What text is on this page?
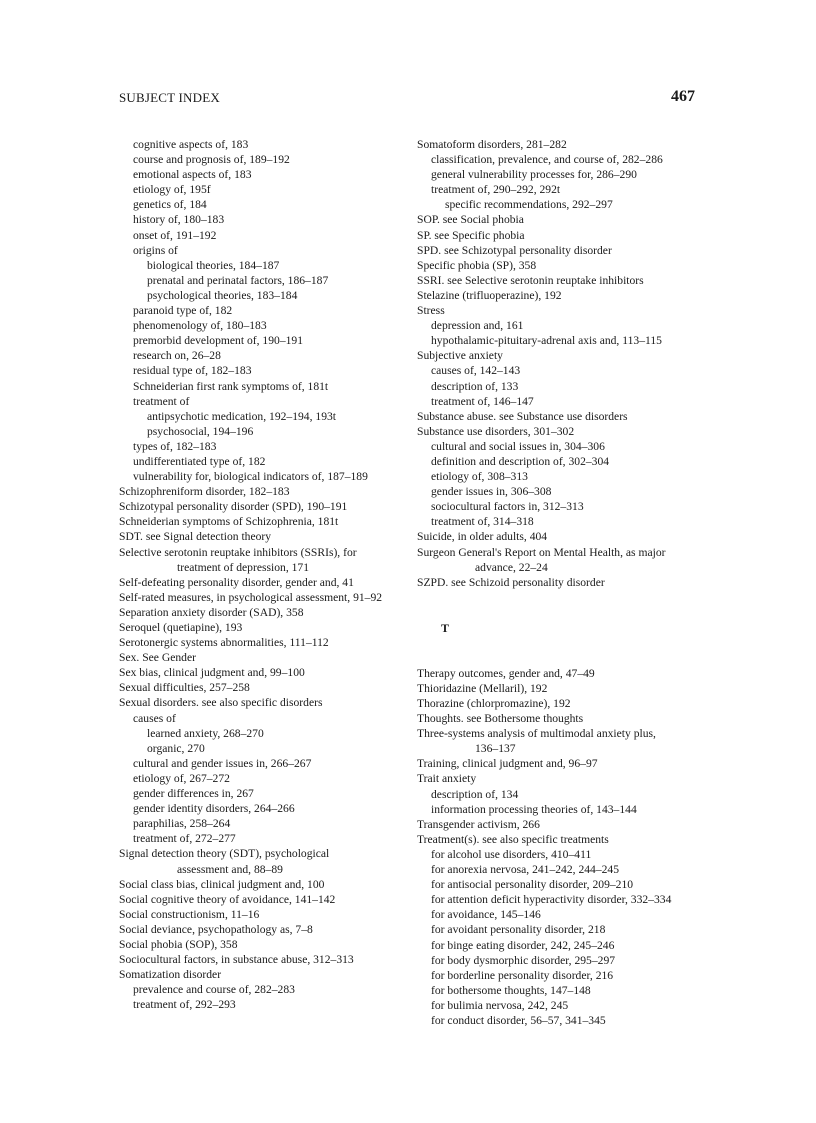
SUBJECT INDEX	467
cognitive aspects of, 183
course and prognosis of, 189–192
emotional aspects of, 183
etiology of, 195f
genetics of, 184
history of, 180–183
onset of, 191–192
origins of
biological theories, 184–187
prenatal and perinatal factors, 186–187
psychological theories, 183–184
paranoid type of, 182
phenomenology of, 180–183
premorbid development of, 190–191
research on, 26–28
residual type of, 182–183
Schneiderian first rank symptoms of, 181t
treatment of
antipsychotic medication, 192–194, 193t
psychosocial, 194–196
types of, 182–183
undifferentiated type of, 182
vulnerability for, biological indicators of, 187–189
Schizophreniform disorder, 182–183
Schizotypal personality disorder (SPD), 190–191
Schneiderian symptoms of Schizophrenia, 181t
SDT. see Signal detection theory
Selective serotonin reuptake inhibitors (SSRIs), for
treatment of depression, 171
Self-defeating personality disorder, gender and, 41
Self-rated measures, in psychological assessment, 91–92
Separation anxiety disorder (SAD), 358
Seroquel (quetiapine), 193
Serotonergic systems abnormalities, 111–112
Sex. See Gender
Sex bias, clinical judgment and, 99–100
Sexual difficulties, 257–258
Sexual disorders. see also specific disorders
causes of
learned anxiety, 268–270
organic, 270
cultural and gender issues in, 266–267
etiology of, 267–272
gender differences in, 267
gender identity disorders, 264–266
paraphilias, 258–264
treatment of, 272–277
Signal detection theory (SDT), psychological
assessment and, 88–89
Social class bias, clinical judgment and, 100
Social cognitive theory of avoidance, 141–142
Social constructionism, 11–16
Social deviance, psychopathology as, 7–8
Social phobia (SOP), 358
Sociocultural factors, in substance abuse, 312–313
Somatization disorder
prevalence and course of, 282–283
treatment of, 292–293
Somatoform disorders, 281–282
classification, prevalence, and course of, 282–286
general vulnerability processes for, 286–290
treatment of, 290–292, 292t
specific recommendations, 292–297
SOP. see Social phobia
SP. see Specific phobia
SPD. see Schizotypal personality disorder
Specific phobia (SP), 358
SSRI. see Selective serotonin reuptake inhibitors
Stelazine (trifluoperazine), 192
Stress
depression and, 161
hypothalamic-pituitary-adrenal axis and, 113–115
Subjective anxiety
causes of, 142–143
description of, 133
treatment of, 146–147
Substance abuse. see Substance use disorders
Substance use disorders, 301–302
cultural and social issues in, 304–306
definition and description of, 302–304
etiology of, 308–313
gender issues in, 306–308
sociocultural factors in, 312–313
treatment of, 314–318
Suicide, in older adults, 404
Surgeon General's Report on Mental Health, as major
advance, 22–24
SZPD. see Schizoid personality disorder
T
Therapy outcomes, gender and, 47–49
Thioridazine (Mellaril), 192
Thorazine (chlorpromazine), 192
Thoughts. see Bothersome thoughts
Three-systems analysis of multimodal anxiety plus,
136–137
Training, clinical judgment and, 96–97
Trait anxiety
description of, 134
information processing theories of, 143–144
Transgender activism, 266
Treatment(s). see also specific treatments
for alcohol use disorders, 410–411
for anorexia nervosa, 241–242, 244–245
for antisocial personality disorder, 209–210
for attention deficit hyperactivity disorder, 332–334
for avoidance, 145–146
for avoidant personality disorder, 218
for binge eating disorder, 242, 245–246
for body dysmorphic disorder, 295–297
for borderline personality disorder, 216
for bothersome thoughts, 147–148
for bulimia nervosa, 242, 245
for conduct disorder, 56–57, 341–345
